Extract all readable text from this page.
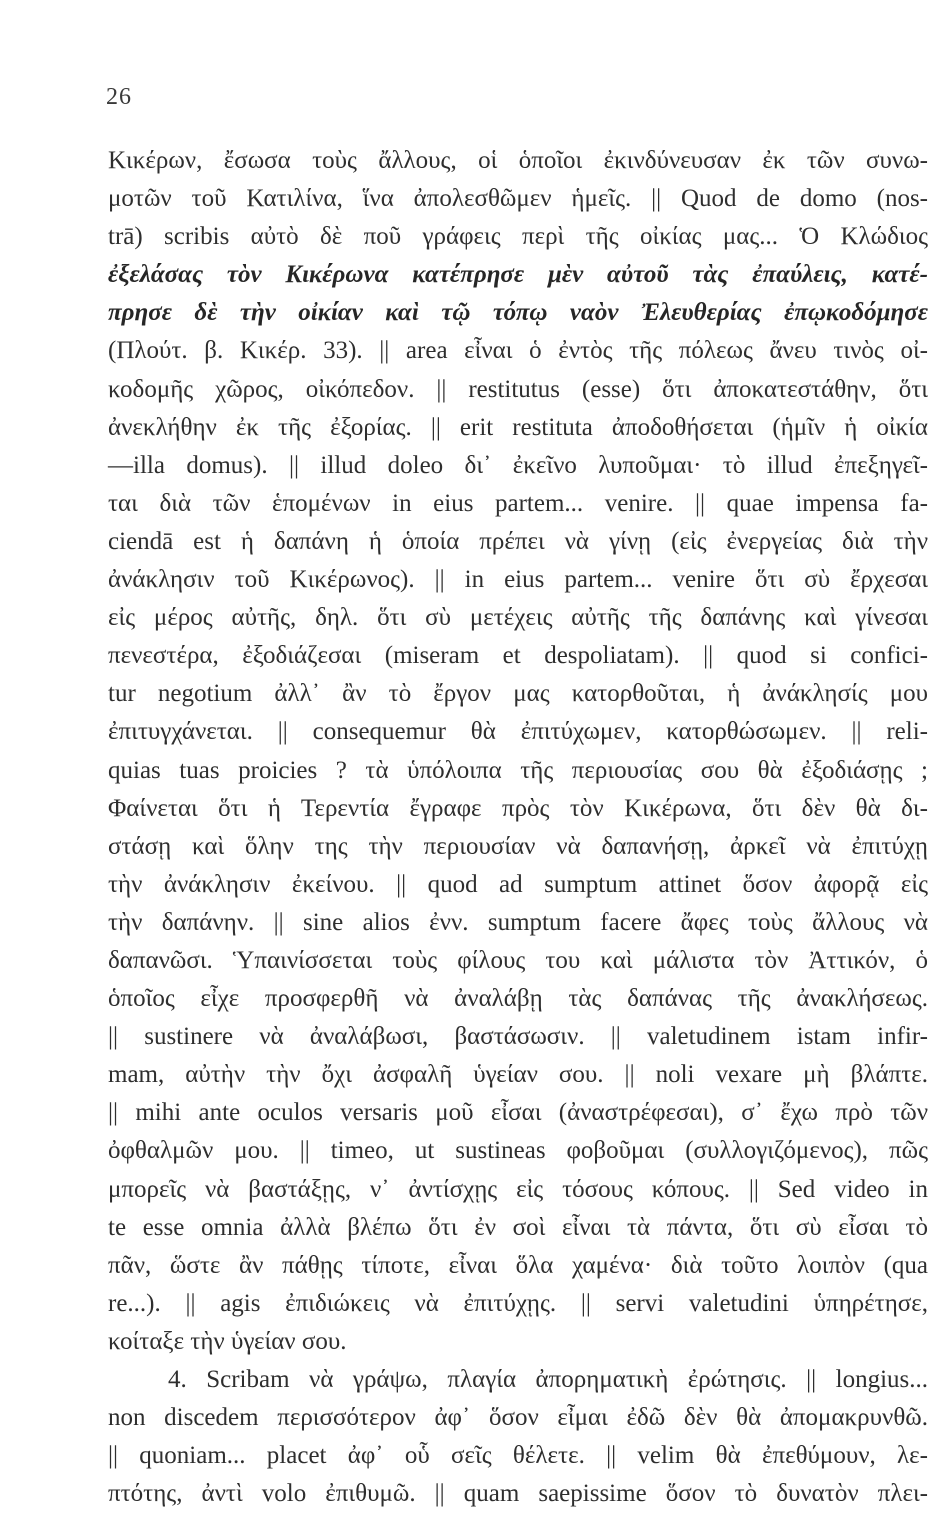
26
Κικέρων, ἔσωσα τοὺς ἄλλους, οἱ ὁποῖοι ἐκινδύνευσαν ἐκ τῶν συνω-
μοτῶν τοῦ Κατιλίνα, ἵνα ἀπολεσθῶμεν ἡμεῖς. || Quod de domo (nos-
trā) scribis αὐτὸ δὲ ποῦ γράφεις περὶ τῆς οἰκίας μας... Ὁ Κλώδιος
ἐξελάσας τὸν Κικέρωνα κατέπρησε μὲν αὐτοῦ τὰς ἐπαύλεις, κατέ-
πρησε δὲ τὴν οἰκίαν καὶ τῷ τόπῳ ναὸν Ἐλευθερίας ἐπῳκοδόμησε
(Πλούτ. β. Κικέρ. 33). || area εἶναι ὁ ἐντὸς τῆς πόλεως ἄνευ τινὸς οἰ-
κοδομῆς χῶρος, οἰκόπεδον. || restitutus (esse) ὅτι ἀποκατεστάθην, ὅτι
ἀνεκλήθην ἐκ τῆς ἐξορίας. || erit restituta ἀποδοθήσεται (ἡμῖν ἡ οἰκία
—illa domus). || illud doleo δι᾽ ἐκεῖνο λυποῦμαι· τὸ illud ἐπεξηγεῖ-
ται διὰ τῶν ἑπομένων in eius partem... venire. || quae impensa fa-
ciendā est ἡ δαπάνη ἡ ὁποία πρέπει νὰ γίνῃ (εἰς ἐνεργείας διὰ τὴν
ἀνάκλησιν τοῦ Κικέρωνος). || in eius partem... venire ὅτι σὺ ἔρχεσαι
εἰς μέρος αὐτῆς, δηλ. ὅτι σὺ μετέχεις αὐτῆς τῆς δαπάνης καὶ γίνεσαι
πενεστέρα, ἐξοδιάζεσαι (miseram et despoliatam). || quod si confici-
tur negotium ἀλλ᾽ ἂν τὸ ἔργον μας κατορθοῦται, ἡ ἀνάκλησίς μου
ἐπιτυγχάνεται. || consequemur θὰ ἐπιτύχωμεν, κατορθώσωμεν. || reli-
quias tuas proicies ? τὰ ὑπόλοιπα τῆς περιουσίας σου θὰ ἐξοδιάσῃς ;
Φαίνεται ὅτι ἡ Τερεντία ἔγραφε πρὸς τὸν Κικέρωνα, ὅτι δὲν θὰ δι-
στάσῃ καὶ ὅλην της τὴν περιουσίαν νὰ δαπανήσῃ, ἀρκεῖ νὰ ἐπιτύχῃ
τὴν ἀνάκλησιν ἐκείνου. || quod ad sumptum attinet ὅσον ἀφορᾷ εἰς
τὴν δαπάνην. || sine alios ἐνν. sumptum facere ἄφες τοὺς ἄλλους νὰ
δαπανῶσι. Ὑπαινίσσεται τοὺς φίλους του καὶ μάλιστα τὸν Ἀττικόν, ὁ
ὁποῖος εἶχε προσφερθῆ νὰ ἀναλάβῃ τὰς δαπάνας τῆς ἀνακλήσεως.
|| sustinere νὰ ἀναλάβωσι, βαστάσωσιν. || valetudinem istam infir-
mam, αὐτὴν τὴν ὄχι ἀσφαλῆ ὑγείαν σου. || noli vexare μὴ βλάπτε.
|| mihi ante oculos versaris μοῦ εἶσαι (ἀναστρέφεσαι), σ᾽ ἔχω πρὸ τῶν
ὀφθαλμῶν μου. || timeo, ut sustineas φοβοῦμαι (συλλογιζόμενος), πῶς
μπορεῖς νὰ βαστάξῃς, ν᾽ ἀντίσχῃς εἰς τόσους κόπους. || Sed video in
te esse omnia ἀλλὰ βλέπω ὅτι ἐν σοὶ εἶναι τὰ πάντα, ὅτι σὺ εἶσαι τὸ
πᾶν, ὥστε ἂν πάθῃς τίποτε, εἶναι ὅλα χαμένα· διὰ τοῦτο λοιπὸν (qua
re...). || agis ἐπιδιώκεις νὰ ἐπιτύχῃς. || servi valetudini ὑπηρέτησε,
κοίταξε τὴν ὑγείαν σου.
4. Scribam νὰ γράψω, πλαγία ἀπορηματικὴ ἐρώτησις. || longius...
non discedem περισσότερον ἀφ᾽ ὅσον εἶμαι ἐδῶ δὲν θὰ ἀπομακρυνθῶ.
|| quoniam... placet ἀφ᾽ οὗ σεῖς θέλετε. || velim θὰ ἐπεθύμουν, λε-
πτότης, ἀντὶ volo ἐπιθυμῶ. || quam saepissime ὅσον τὸ δυνατὸν πλει-
